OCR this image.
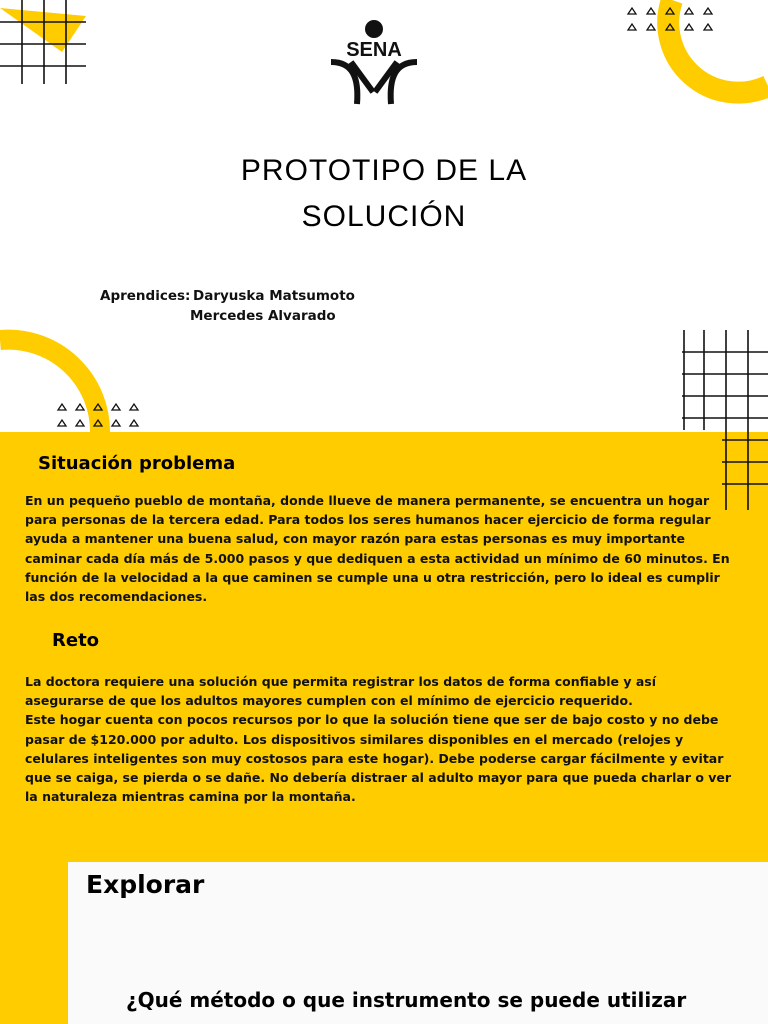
SENA
PROTOTIPO DE LA
SOLUCIÓN
Aprendices: Daryuska Matsumoto
Mercedes Alvarado
Situación problema
En un pequeño pueblo de montaña, donde llueve de manera permanente, se encuentra un hogar
para personas de la tercera edad. Para todos los seres humanos hacer ejercicio de forma regular
ayuda a mantener una buena salud, con mayor razón para estas personas es muy importante
caminar cada día más de 5.000 pasos y que dediquen a esta actividad un mínimo de 60 minutos. En
función de la velocidad a la que caminen se cumple una u otra restricción, pero lo ideal es cumplir
las dos recomendaciones.
Reto
La doctora requiere una solución que permita registrar los datos de forma confiable y así
asegurarse de que los adultos mayores cumplen con el mínimo de ejercicio requerido.
Este hogar cuenta con pocos recursos por lo que la solución tiene que ser de bajo costo y no debe
pasar de $120.000 por adulto. Los dispositivos similares disponibles en el mercado (relojes y
celulares inteligentes son muy costosos para este hogar). Debe poderse cargar fácilmente y evitar
que se caiga, se pierda o se dañe. No debería distraer al adulto mayor para que pueda charlar o ver
la naturaleza mientras camina por la montaña.
Explorar
¿Qué método o que instrumento se puede utilizar
